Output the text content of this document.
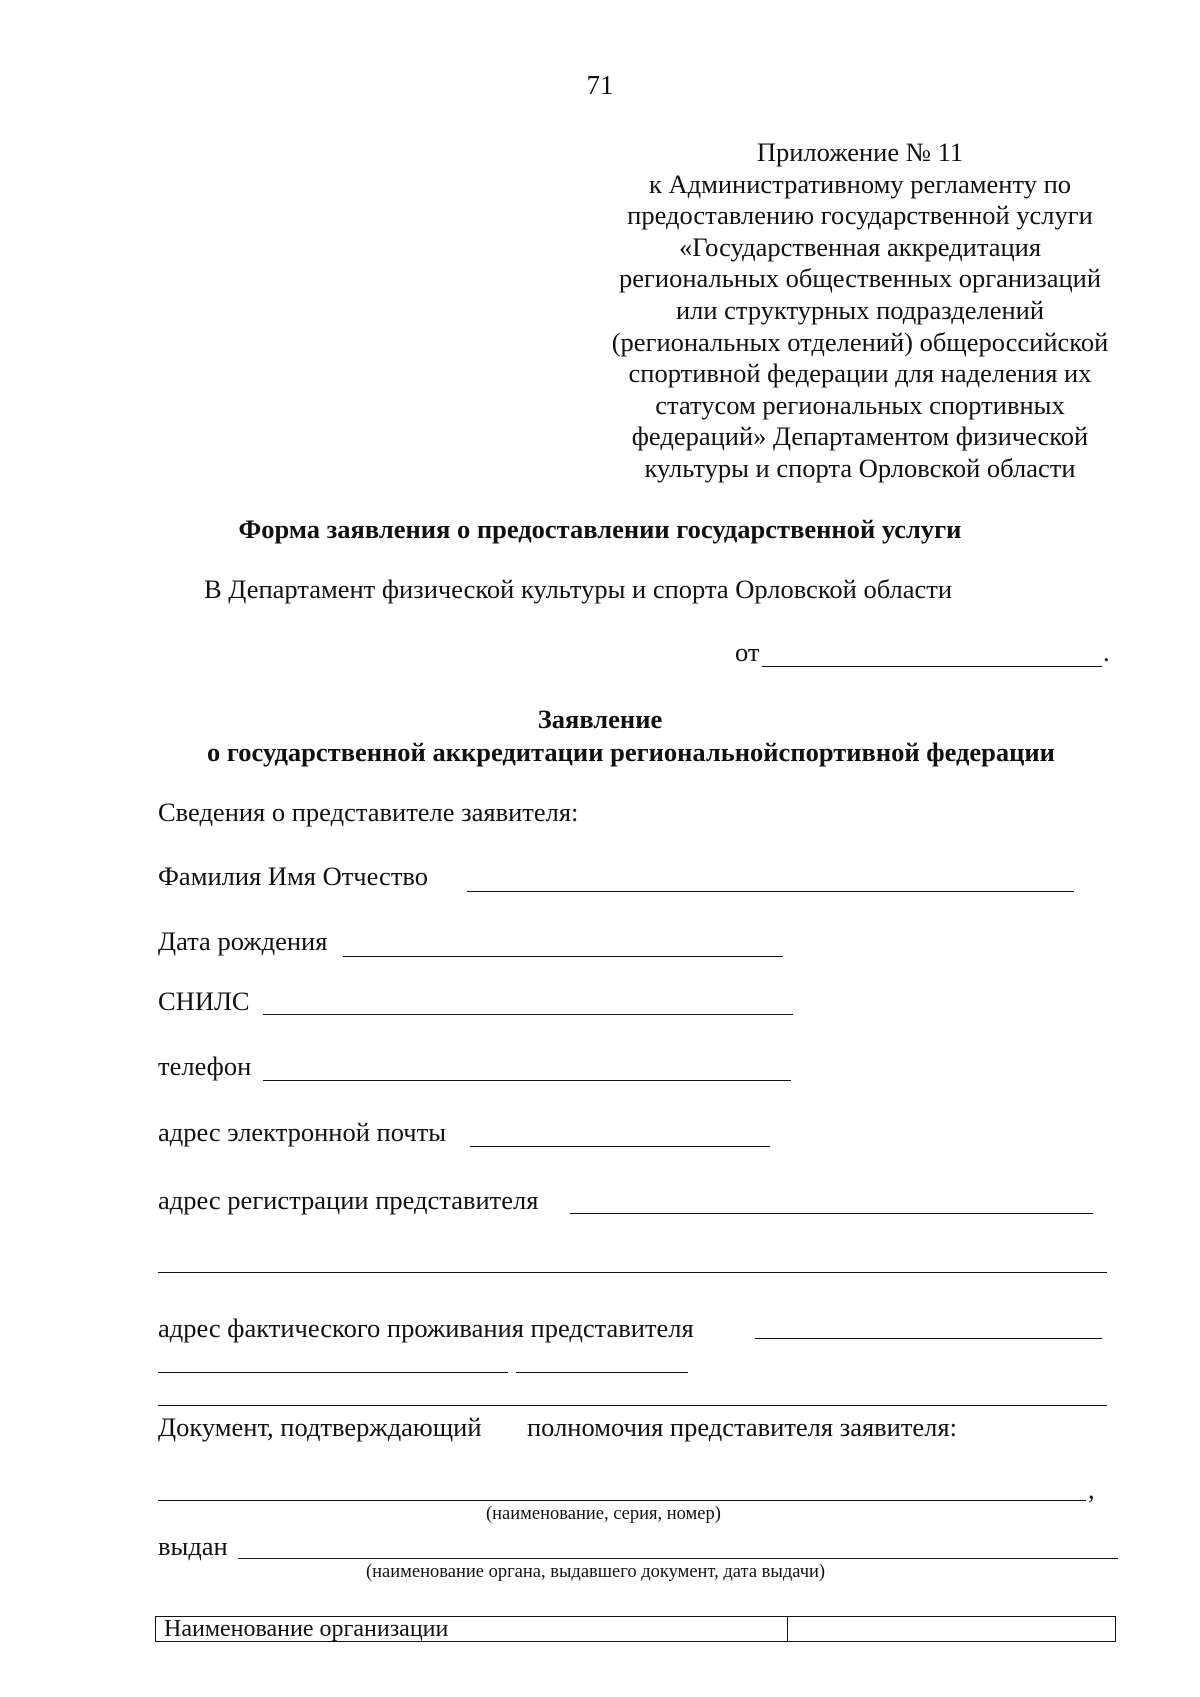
71
Приложение № 11
к Административному регламенту по
предоставлению государственной услуги
«Государственная аккредитация
региональных общественных организаций
или структурных подразделений
(региональных отделений) общероссийской
спортивной федерации для наделения их
статусом региональных спортивных
федераций» Департаментом физической
культуры и спорта Орловской области
Форма заявления о предоставлении государственной услуги
В Департамент физической культуры и спорта Орловской области
от	.
Заявление
о государственной аккредитации региональнойспортивной федерации
Сведения о представителе заявителя:
Фамилия Имя Отчество
Дата рождения
СНИЛС
телефон
адрес электронной почты
адрес регистрации представителя
адрес фактического проживания представителя
Документ, подтверждающий полномочия представителя заявителя:
,
(наименование, серия, номер)
выдан
(наименование органа, выдавшего документ, дата выдачи)
Наименование организации	
